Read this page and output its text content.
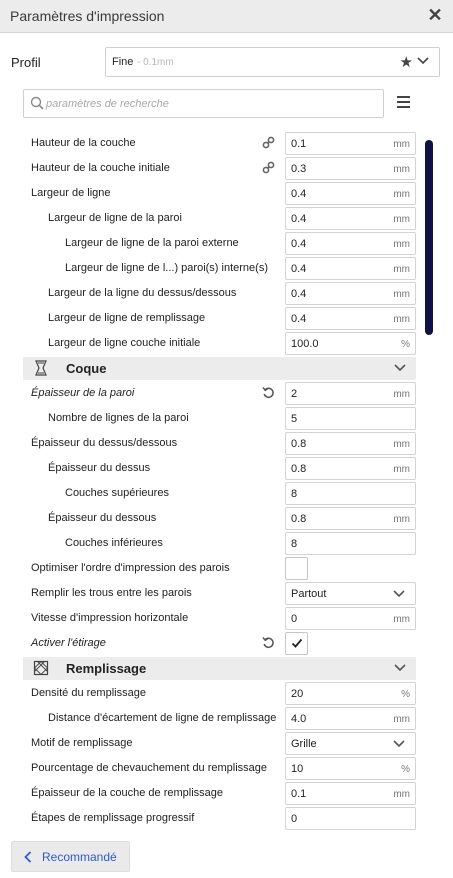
Paramètres d'impression	✕
Profil	Fine - 0.1mm	★
paramètres de recherche
Hauteur de la couche	0.1	mm
Hauteur de la couche initiale	0.3	mm
Largeur de ligne	0.4	mm
Largeur de ligne de la paroi	0.4	mm
Largeur de ligne de la paroi externe	0.4	mm
Largeur de ligne de l...) paroi(s) interne(s) 0.4	mm
Largeur de la ligne du dessus/dessous	0.4	mm
Largeur de ligne de remplissage	0.4	mm
Largeur de ligne couche initiale	100.0	%
Coque
Épaisseur de la paroi	2	mm
Nombre de lignes de la paroi	5
Épaisseur du dessus/dessous	0.8	mm
Épaisseur du dessus	0.8	mm
Couches supérieures	8
Épaisseur du dessous	0.8	mm
Couches inférieures	8
Optimiser l'ordre d'impression des parois
Remplir les trous entre les parois	Partout
Vitesse d'impression horizontale	0	mm
Activer l'étirage
Remplissage
Densité du remplissage	20	%
Distance d'écartement de ligne de remplissage 4.0	mm
Motif de remplissage	Grille
Pourcentage de chevauchement du remplissage 10	%
Épaisseur de la couche de remplissage	0.1	mm
Étapes de remplissage progressif	0
Recommandé
